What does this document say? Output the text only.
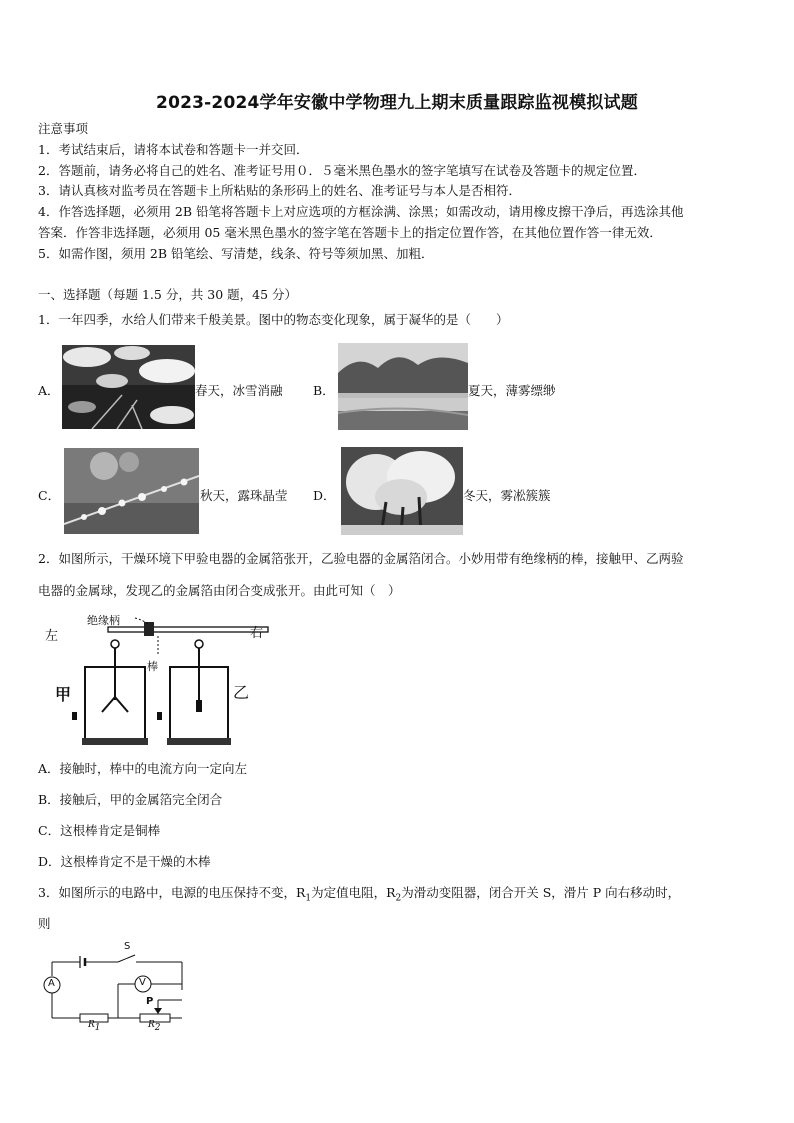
2023-2024学年安徽中学物理九上期末质量跟踪监视模拟试题
注意事项
1．考试结束后，请将本试卷和答题卡一并交回．
2．答题前，请务必将自己的姓名、准考证号用０．５毫米黑色墨水的签字笔填写在试卷及答题卡的规定位置．
3．请认真核对监考员在答题卡上所粘贴的条形码上的姓名、准考证号与本人是否相符．
4．作答选择题，必须用 2B 铅笔将答题卡上对应选项的方框涂满、涂黑；如需改动，请用橡皮擦干净后，再选涂其他
答案．作答非选择题，必须用 05 毫米黑色墨水的签字笔在答题卡上的指定位置作答，在其他位置作答一律无效．
5．如需作图，须用 2B 铅笔绘、写清楚，线条、符号等须加黑、加粗．
一、选择题（每题 1.5 分，共 30 题，45 分）
1．一年四季，水给人们带来千般美景。图中的物态变化现象，属于凝华的是（　　）
A．	春天，冰雪消融 B．	夏天，薄雾缥缈
C．	秋天，露珠晶莹 D．	冬天，雾凇簇簇
2．如图所示，干燥环境下甲验电器的金属箔张开，乙验电器的金属箔闭合。小妙用带有绝缘柄的棒，接触甲、乙两验
电器的金属球，发现乙的金属箔由闭合变成张开。由此可知（　）
左	右
绝缘柄
棒
甲	乙
A．接触时，棒中的电流方向一定向左
B．接触后，甲的金属箔完全闭合
C．这根棒肯定是铜棒
D．这根棒肯定不是干燥的木棒
3．如图所示的电路中，电源的电压保持不变，$R_1$为定值电阻，$R_2$为滑动变阻器，闭合开关 S，滑片 P 向右移动时，
则
S
A	V
P
$R_1$	$R_2$
